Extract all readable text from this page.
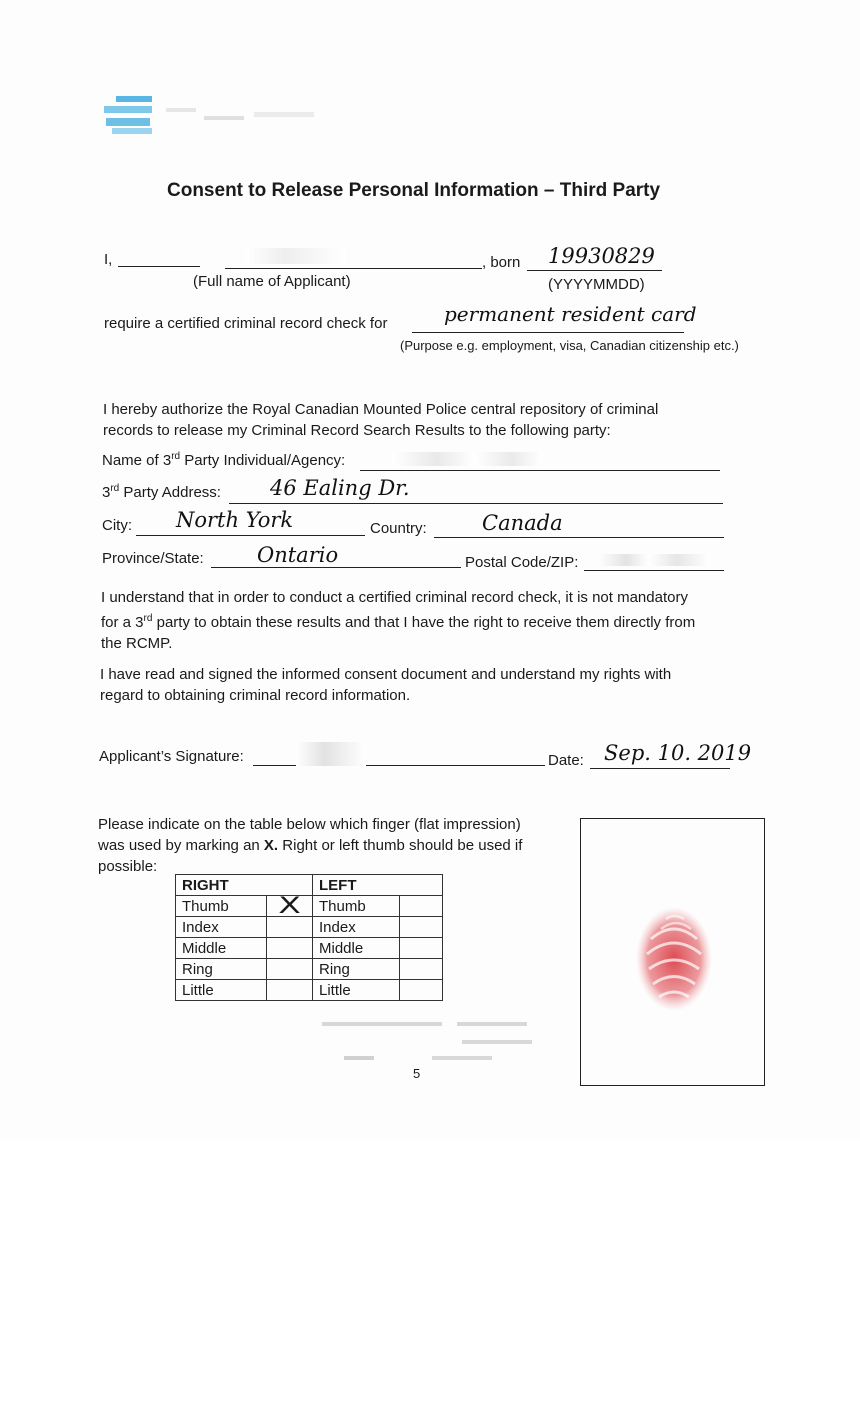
Consent to Release Personal Information – Third Party
I,	, born 19930829
(Full name of Applicant)	(YYYYMMDD)
require a certified criminal record check for	permanent resident card
(Purpose e.g. employment, visa, Canadian citizenship etc.)
I hereby authorize the Royal Canadian Mounted Police central repository of criminal
records to release my Criminal Record Search Results to the following party:
Name of 3rd Party Individual/Agency:
3rd Party Address: 46 Ealing Dr.
City: North York	Country:	Canada
Province/State:	Ontario	Postal Code/ZIP:
I understand that in order to conduct a certified criminal record check, it is not mandatory
for a 3rd party to obtain these results and that I have the right to receive them directly from
the RCMP.
I have read and signed the informed consent document and understand my rights with
regard to obtaining criminal record information.
Applicant’s Signature:	Date: Sep. 10. 2019
Please indicate on the table below which finger (flat impression)
was used by marking an X. Right or left thumb should be used if
possible:
RIGHT		LEFT	
Thumb	X	Thumb	
Index		Index	
Middle		Middle	
Ring		Ring	
Little		Little	
5
